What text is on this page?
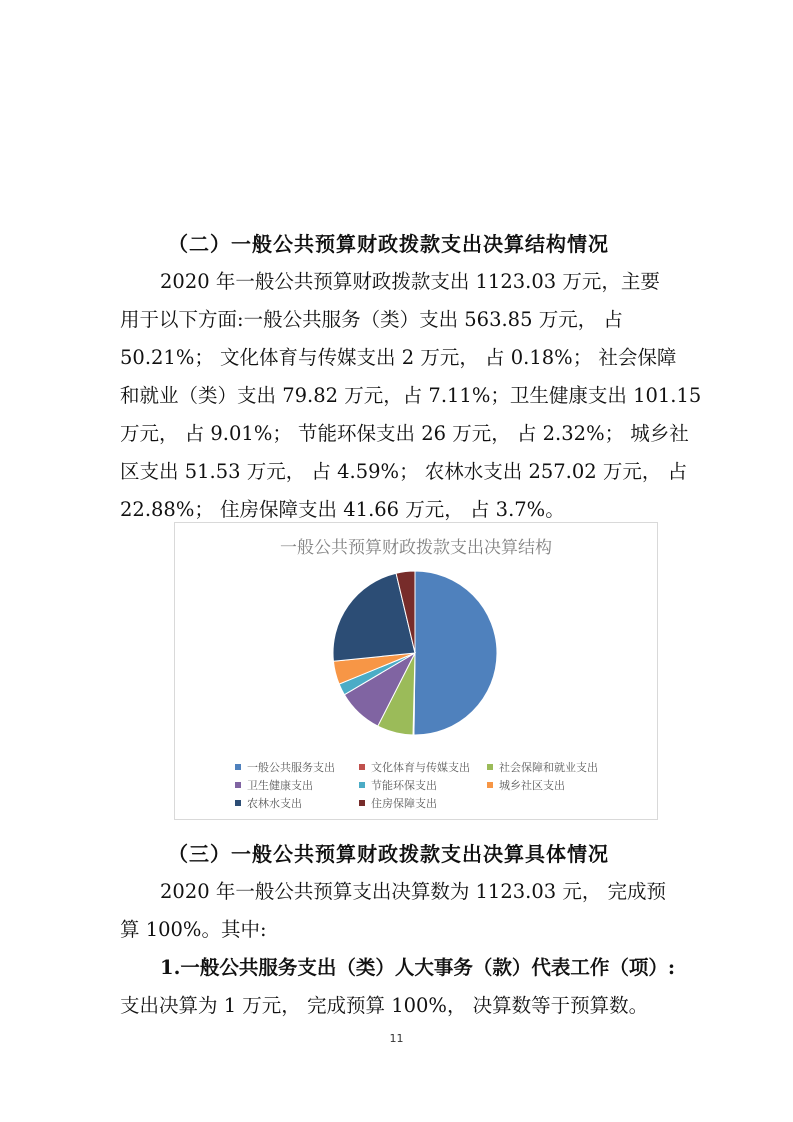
（二）一般公共预算财政拨款支出决算结构情况
2020 年一般公共预算财政拨款支出 1123.03 万元，主要
用于以下方面:一般公共服务（类）支出 563.85 万元， 占
50.21%； 文化体育与传媒支出 2 万元， 占 0.18%； 社会保障
和就业（类）支出 79.82 万元，占 7.11%；卫生健康支出 101.15
万元， 占 9.01%； 节能环保支出 26 万元， 占 2.32%； 城乡社
区支出 51.53 万元， 占 4.59%； 农林水支出 257.02 万元， 占
22.88%； 住房保障支出 41.66 万元， 占 3.7%。
一般公共预算财政拨款支出决算结构
一般公共服务支出	文化体育与传媒支出	社会保障和就业支出
卫生健康支出	节能环保支出	城乡社区支出
农林水支出	住房保障支出
（三）一般公共预算财政拨款支出决算具体情况
2020 年一般公共预算支出决算数为 1123.03 元， 完成预
算 100%。其中:
1.一般公共服务支出（类）人大事务（款）代表工作（项）:
支出决算为 1 万元， 完成预算 100%， 决算数等于预算数。
11
